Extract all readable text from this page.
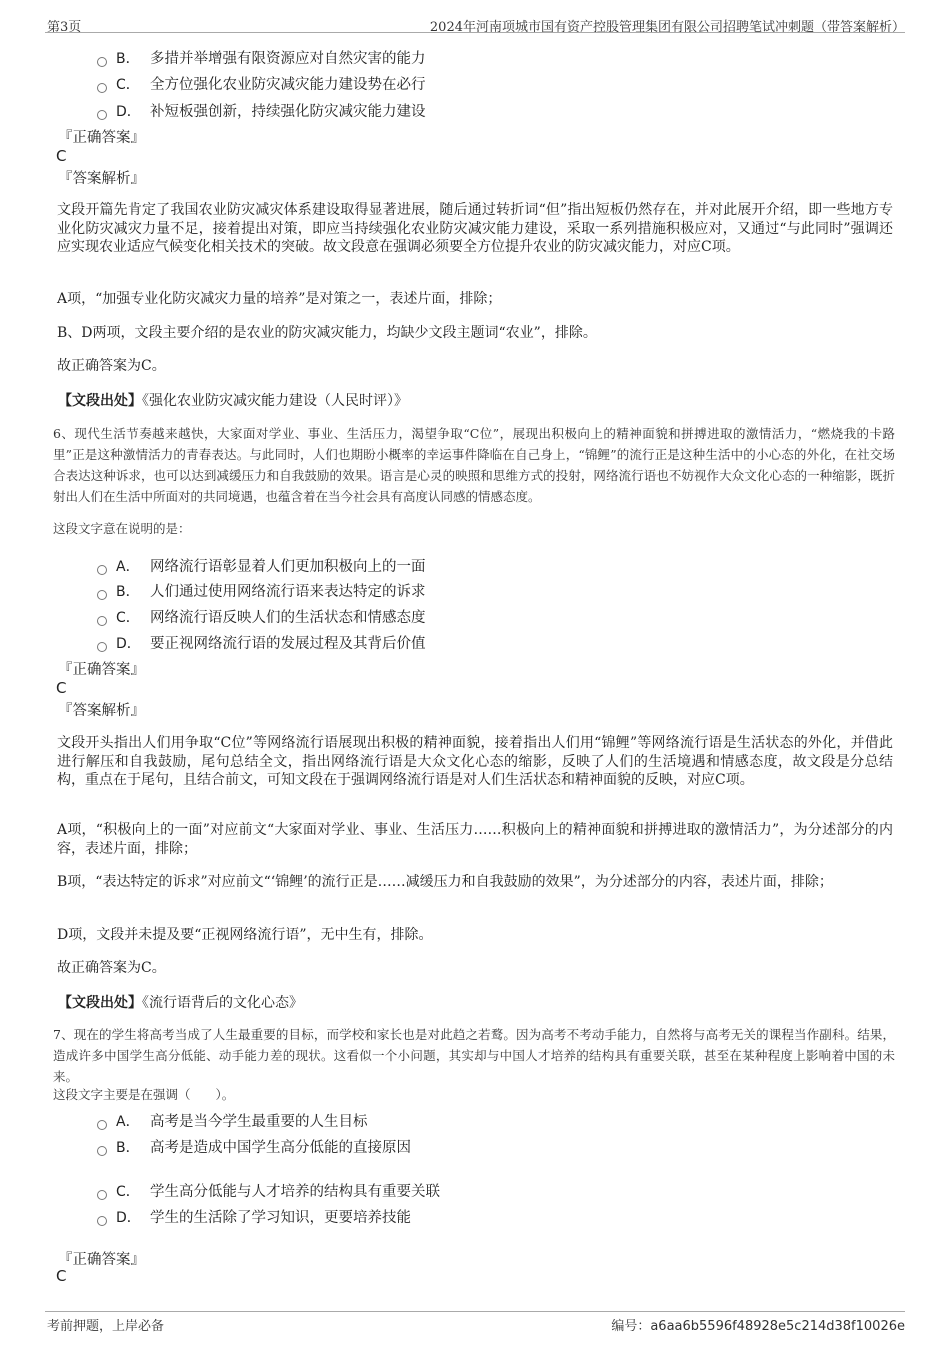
第3页	2024年河南项城市国有资产控股管理集团有限公司招聘笔试冲刺题（带答案解析）
B． 多措并举增强有限资源应对自然灾害的能力
C． 全方位强化农业防灾减灾能力建设势在必行
D． 补短板强创新，持续强化防灾减灾能力建设
『正确答案』
C
『答案解析』
文段开篇先肯定了我国农业防灾减灾体系建设取得显著进展，随后通过转折词“但”指出短板仍然存在，并对此展开介绍，即一些地方专业化防灾减灾力量不足，接着提出对策，即应当持续强化农业防灾减灾能力建设，采取一系列措施积极应对，又通过“与此同时”强调还应实现农业适应气候变化相关技术的突破。故文段意在强调必须要全方位提升农业的防灾减灾能力，对应C项。
A项，“加强专业化防灾减灾力量的培养”是对策之一，表述片面，排除；
B、D两项，文段主要介绍的是农业的防灾减灾能力，均缺少文段主题词“农业”，排除。
故正确答案为C。
【文段出处】《强化农业防灾减灾能力建设（人民时评）》
6、现代生活节奏越来越快，大家面对学业、事业、生活压力，渴望争取“C位”，展现出积极向上的精神面貌和拼搏进取的激情活力，“燃烧我的卡路里”正是这种激情活力的青春表达。与此同时，人们也期盼小概率的幸运事件降临在自己身上，“锦鲤”的流行正是这种生活中的小心态的外化，在社交场合表达这种诉求，也可以达到减缓压力和自我鼓励的效果。语言是心灵的映照和思维方式的投射，网络流行语也不妨视作大众文化心态的一种缩影，既折射出人们在生活中所面对的共同境遇，也蕴含着在当今社会具有高度认同感的情感态度。
这段文字意在说明的是：
A． 网络流行语彰显着人们更加积极向上的一面
B． 人们通过使用网络流行语来表达特定的诉求
C． 网络流行语反映人们的生活状态和情感态度
D． 要正视网络流行语的发展过程及其背后价值
『正确答案』
C
『答案解析』
文段开头指出人们用争取“C位”等网络流行语展现出积极的精神面貌，接着指出人们用“锦鲤”等网络流行语是生活状态的外化，并借此进行解压和自我鼓励，尾句总结全文，指出网络流行语是大众文化心态的缩影，反映了人们的生活境遇和情感态度，故文段是分总结构，重点在于尾句，且结合前文，可知文段在于强调网络流行语是对人们生活状态和精神面貌的反映，对应C项。
A项，“积极向上的一面”对应前文“大家面对学业、事业、生活压力……积极向上的精神面貌和拼搏进取的激情活力”，为分述部分的内容，表述片面，排除；
B项，“表达特定的诉求”对应前文“‘锦鲤’的流行正是……减缓压力和自我鼓励的效果”，为分述部分的内容，表述片面，排除；
D项，文段并未提及要“正视网络流行语”，无中生有，排除。
故正确答案为C。
【文段出处】《流行语背后的文化心态》
7、现在的学生将高考当成了人生最重要的目标，而学校和家长也是对此趋之若鹜。因为高考不考动手能力，自然将与高考无关的课程当作副科。结果，造成许多中国学生高分低能、动手能力差的现状。这看似一个小问题，其实却与中国人才培养的结构具有重要关联，甚至在某种程度上影响着中国的未来。
这段文字主要是在强调（　　）。
A． 高考是当今学生最重要的人生目标
B． 高考是造成中国学生高分低能的直接原因
C． 学生高分低能与人才培养的结构具有重要关联
D． 学生的生活除了学习知识，更要培养技能
『正确答案』
C
考前押题，上岸必备	编号：a6aa6b5596f48928e5c214d38f10026e
